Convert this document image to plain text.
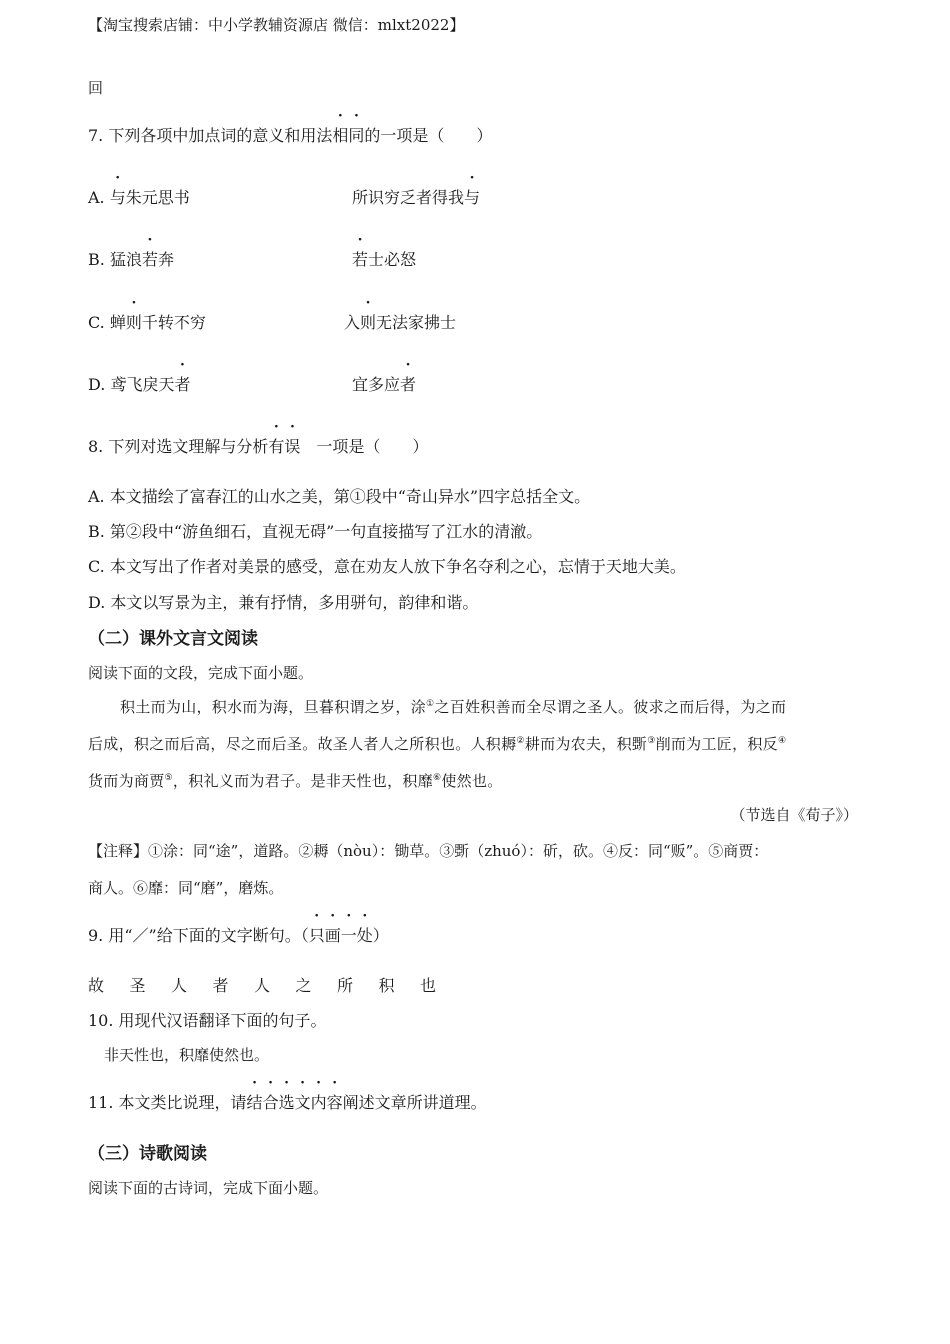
【淘宝搜索店铺：中小学教辅资源店 微信：mlxt2022】
回
7. 下列各项中加点词的意义和用法相同的一项是（　　）
A. 与朱元思书	所识穷乏者得我与
B. 猛浪若奔	若士必怒
C. 蝉则千转不穷	入则无法家拂士
D. 鸢飞戾天者	宜多应者
8. 下列对选文理解与分析有误　一项是（　　）
A. 本文描绘了富春江的山水之美，第①段中“奇山异水”四字总括全文。
B. 第②段中“游鱼细石，直视无碍”一句直接描写了江水的清澈。
C. 本文写出了作者对美景的感受，意在劝友人放下争名夺利之心，忘情于天地大美。
D. 本文以写景为主，兼有抒情，多用骈句，韵律和谐。
（二）课外文言文阅读
阅读下面的文段，完成下面小题。
积土而为山，积水而为海，旦暮积谓之岁，涂①之百姓积善而全尽谓之圣人。彼求之而后得，为之而
后成，积之而后高，尽之而后圣。故圣人者人之所积也。人积耨②耕而为农夫，积斲③削而为工匠，积反④
货而为商贾⑤，积礼义而为君子。是非天性也，积靡⑥使然也。
（节选自《荀子》）
【注释】①涂：同“途”，道路。②耨（nòu）：锄草。③斲（zhuó）：斫，砍。④反：同“贩”。⑤商贾：
商人。⑥靡：同“磨”，磨炼。
9. 用“／”给下面的文字断句。（只画一处）
故 圣 人 者 人 之 所 积 也
10. 用现代汉语翻译下面的句子。
非天性也，积靡使然也。
11. 本文类比说理，请结合选文内容阐述文章所讲道理。
（三）诗歌阅读
阅读下面的古诗词，完成下面小题。
